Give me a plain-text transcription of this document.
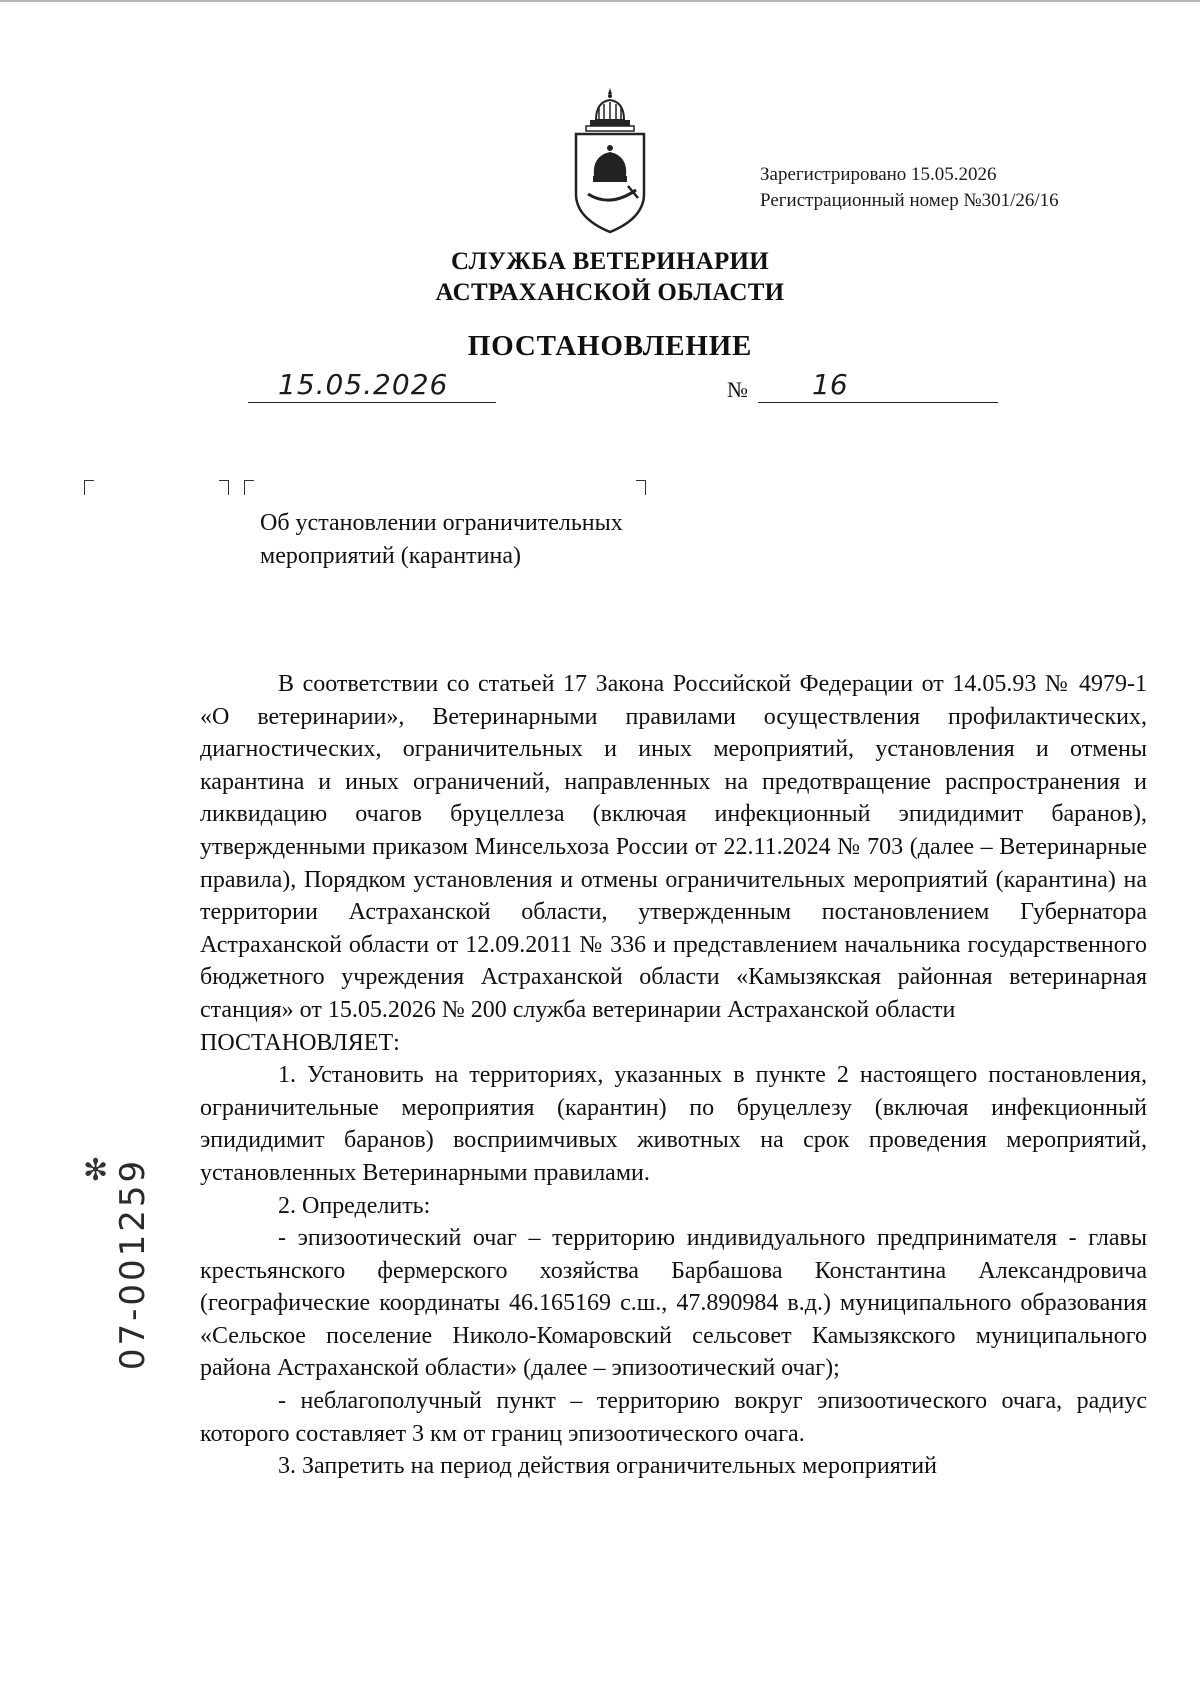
Зарегистрировано 15.05.2026
Регистрационный номер №301/26/16
СЛУЖБА ВЕТЕРИНАРИИ
АСТРАХАНСКОЙ ОБЛАСТИ
ПОСТАНОВЛЕНИЕ
15.05.2026	№ 16
Об установлении ограничительных
мероприятий (карантина)

В соответствии со статьей 17 Закона Российской Федерации от 14.05.93 № 4979-1 «О ветеринарии», Ветеринарными правилами осуществления профилактических, диагностических, ограничительных и иных мероприятий, установления и отмены карантина и иных ограничений, направленных на предотвращение распространения и ликвидацию очагов бруцеллеза (включая инфекционный эпидидимит баранов), утвержденными приказом Минсельхоза России от 22.11.2024 № 703 (далее – Ветеринарные правила), Порядком установления и отмены ограничительных мероприятий (карантина) на территории Астраханской области, утвержденным постановлением Губернатора Астраханской области от 12.09.2011 № 336 и представлением начальника государственного бюджетного учреждения Астраханской области «Камызякская районная ветеринарная станция» от 15.05.2026 № 200 служба ветеринарии Астраханской области

ПОСТАНОВЛЯЕТ:

1. Установить на территориях, указанных в пункте 2 настоящего постановления, ограничительные мероприятия (карантин) по бруцеллезу (включая инфекционный эпидидимит баранов) восприимчивых животных на срок проведения мероприятий, установленных Ветеринарными правилами.

2. Определить:

- эпизоотический очаг – территорию индивидуального предпринимателя - главы крестьянского фермерского хозяйства Барбашова Константина Александровича (географические координаты 46.165169 с.ш., 47.890984 в.д.) муниципального образования «Сельское поселение Николо-Комаровский сельсовет Камызякского муниципального района Астраханской области» (далее – эпизоотический очаг);

- неблагополучный пункт – территорию вокруг эпизоотического очага, радиус которого составляет 3 км от границ эпизоотического очага.

3. Запретить на период действия ограничительных мероприятий

✻ 07-001259
